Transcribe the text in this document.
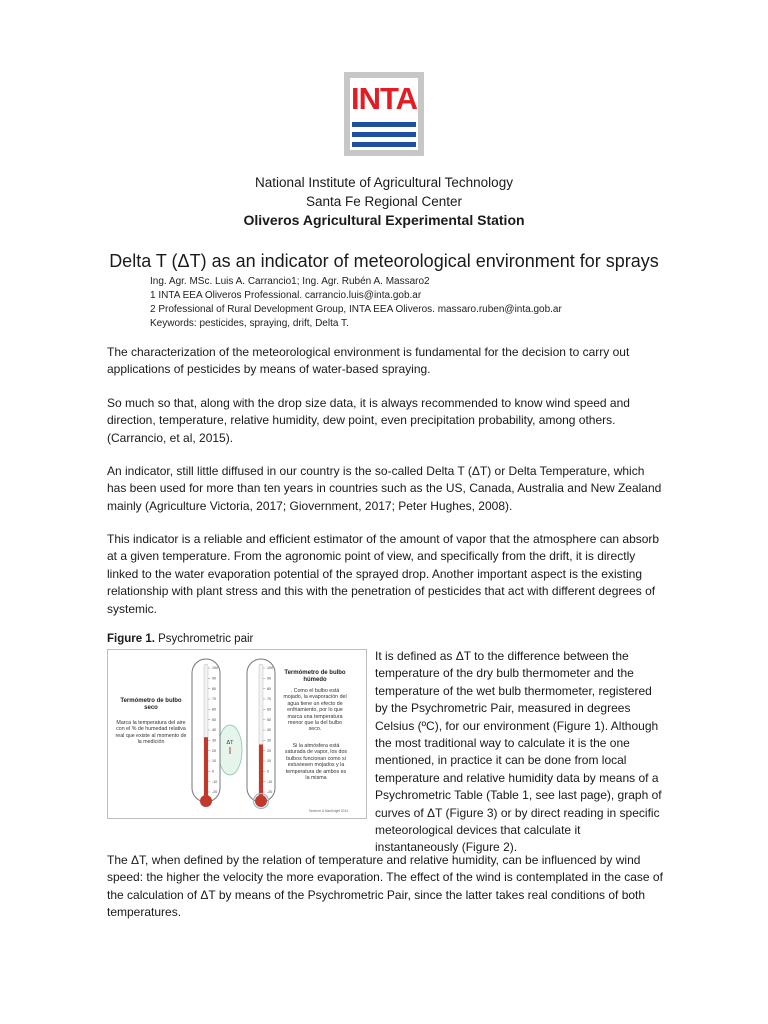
INTA
National Institute of Agricultural Technology
Santa Fe Regional Center
Oliveros Agricultural Experimental Station
Delta T (ΔT) as an indicator of meteorological environment for sprays
Ing. Agr. MSc. Luis A. Carrancio1; Ing. Agr. Rubén A. Massaro2
1 INTA EEA Oliveros Professional. carrancio.luis@inta.gob.ar
2 Professional of Rural Development Group, INTA EEA Oliveros. massaro.ruben@inta.gob.ar
Keywords: pesticides, spraying, drift, Delta T.
The characterization of the meteorological environment is fundamental for the decision to carry out applications of pesticides by means of water-based spraying.
So much so that, along with the drop size data, it is always recommended to know wind speed and direction, temperature, relative humidity, dew point, even precipitation probability, among others. (Carrancio, et al, 2015).
An indicator, still little diffused in our country is the so-called Delta T (ΔT) or Delta Temperature, which has been used for more than ten years in countries such as the US, Canada, Australia and New Zealand mainly (Agriculture Victoria, 2017; Giovernment, 2017; Peter Hughes, 2008).
This indicator is a reliable and efficient estimator of the amount of vapor that the atmosphere can absorb at a given temperature. From the agronomic point of view, and specifically from the drift, it is directly linked to the water evaporation potential of the sprayed drop. Another important aspect is the existing relationship with plant stress and this with the penetration of pesticides that act with different degrees of systemic.
Figure 1. Psychrometric pair
Termómetro de bulbo seco
Marca la temperatura del aire con el % de humedad relativa real que existe al momento de la medición
Termómetro de bulbo húmedo
. Como el bulbo está mojado, la evaporación del agua tiene un efecto de enfriamiento, por lo que marca una temperatura menor que la del bulbo seco.
Si la atmósfera está saturada de vapor, los dos bulbos funcionan como si estuviesen mojados y la temperatura de ambos es la misma
ΔT
100
90
80
70
60
50
40
30
20
10
0
-10
-20
100
90
80
70
60
50
40
30
20
10
0
-10
-20
Taverner & MacKnight 2014
It is defined as ΔT to the difference between the temperature of the dry bulb thermometer and the temperature of the wet bulb thermometer, registered by the Psychrometric Pair, measured in degrees Celsius (ºC), for our environment (Figure 1). Although the most traditional way to calculate it is the one mentioned, in practice it can be done from local temperature and relative humidity data by means of a Psychrometric Table (Table 1, see last page), graph of curves of ΔT (Figure 3) or by direct reading in specific meteorological devices that calculate it instantaneously (Figure 2).
The ΔT, when defined by the relation of temperature and relative humidity, can be influenced by wind speed: the higher the velocity the more evaporation. The effect of the wind is contemplated in the case of the calculation of ΔT by means of the Psychrometric Pair, since the latter takes real conditions of both temperatures.
